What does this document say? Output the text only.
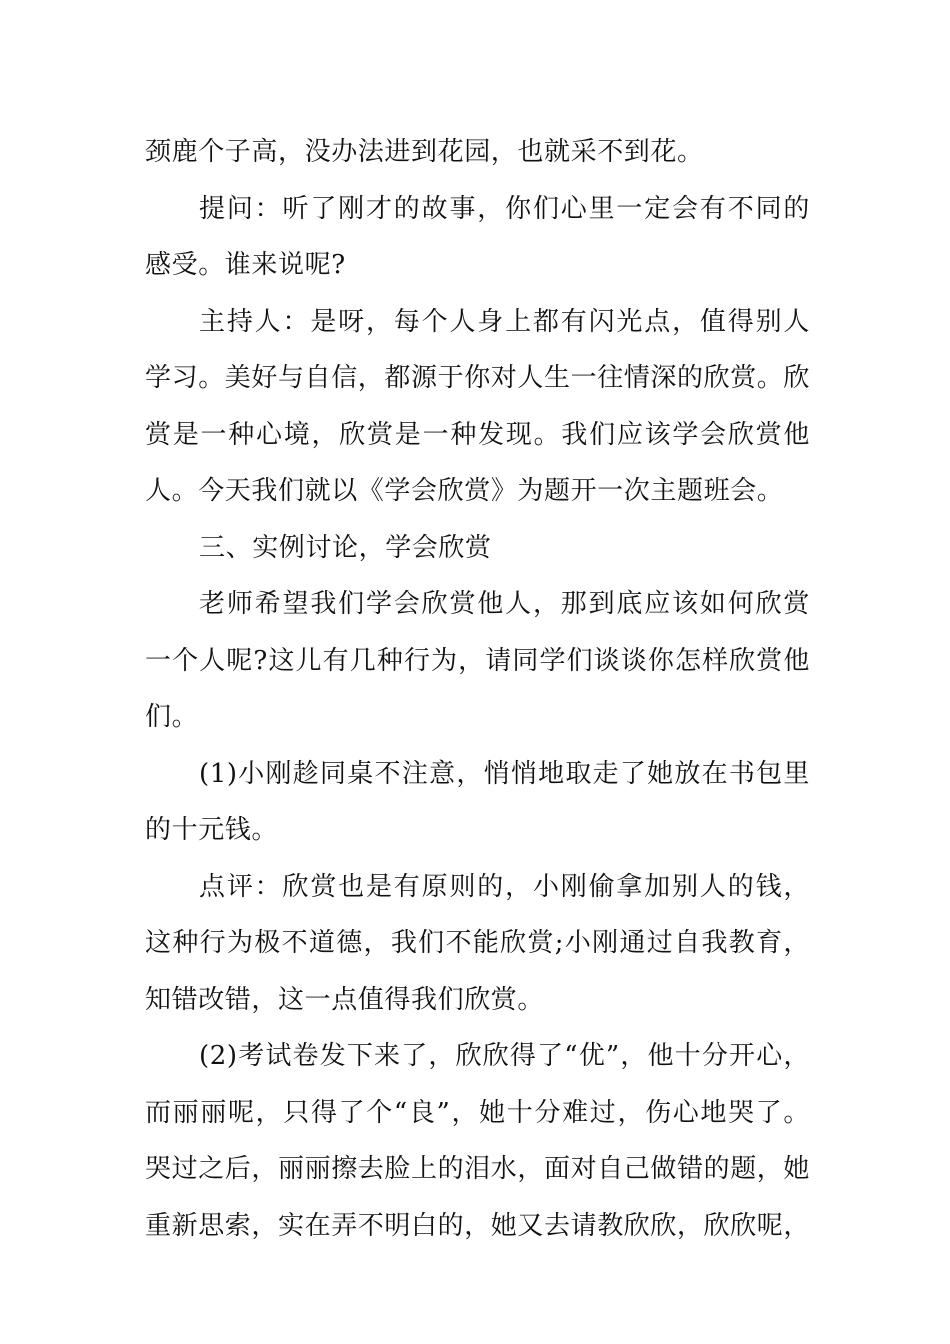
颈鹿个子高，没办法进到花园，也就采不到花。

提问：听了刚才的故事，你们心里一定会有不同的感受。谁来说呢?

主持人：是呀，每个人身上都有闪光点，值得别人学习。美好与自信，都源于你对人生一往情深的欣赏。欣赏是一种心境，欣赏是一种发现。我们应该学会欣赏他人。今天我们就以《学会欣赏》为题开一次主题班会。

三、实例讨论，学会欣赏

老师希望我们学会欣赏他人，那到底应该如何欣赏一个人呢?这儿有几种行为，请同学们谈谈你怎样欣赏他们。

(1)小刚趁同桌不注意，悄悄地取走了她放在书包里的十元钱。

点评：欣赏也是有原则的，小刚偷拿加别人的钱，这种行为极不道德，我们不能欣赏;小刚通过自我教育，知错改错，这一点值得我们欣赏。

(2)考试卷发下来了，欣欣得了“优”，他十分开心，而丽丽呢，只得了个“良”，她十分难过，伤心地哭了。哭过之后，丽丽擦去脸上的泪水，面对自己做错的题，她重新思索，实在弄不明白的，她又去请教欣欣，欣欣呢，
